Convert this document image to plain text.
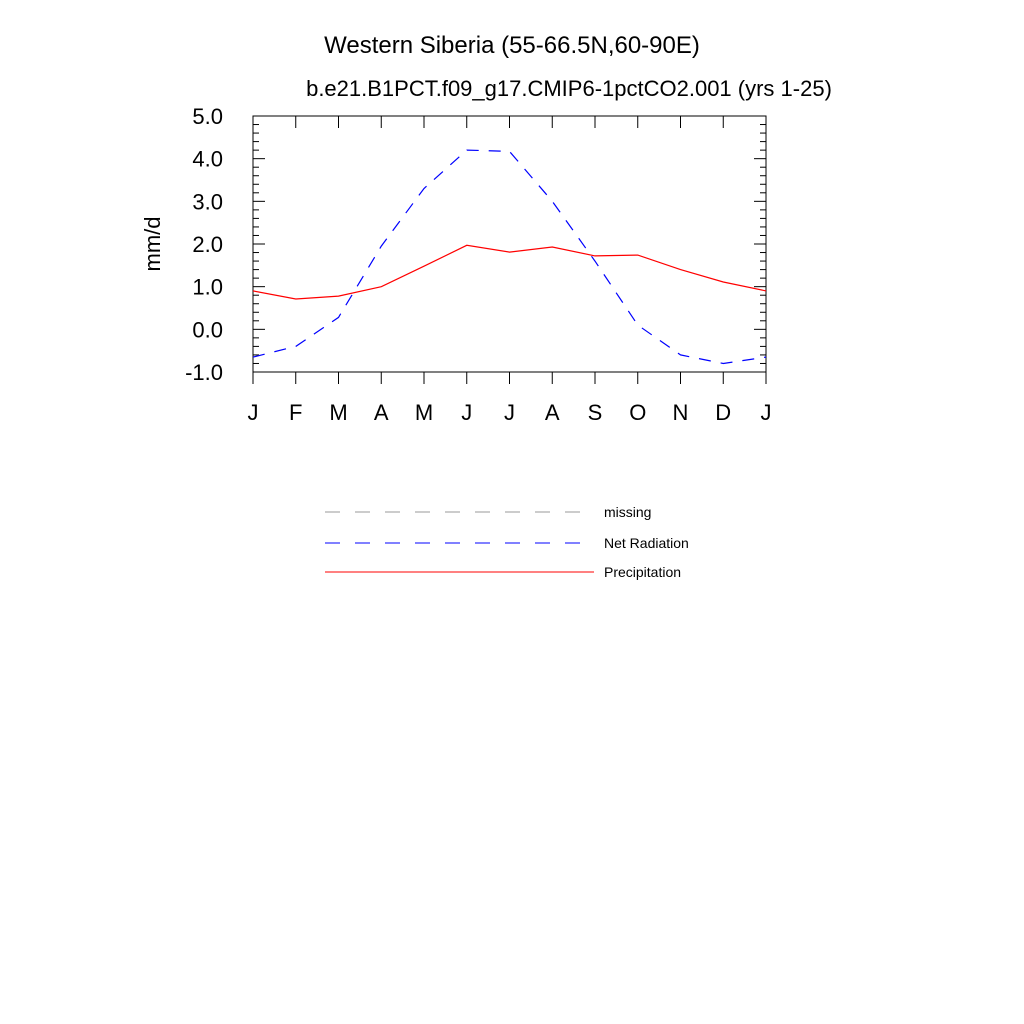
Western Siberia (55-66.5N,60-90E)
b.e21.B1PCT.f09_g17.CMIP6-1pctCO2.001 (yrs 1-25)
mm/d
-1.0
0.0
1.0
2.0
3.0
4.0
5.0
J F M A M J J A S O N D J
missing
Net Radiation
Precipitation
